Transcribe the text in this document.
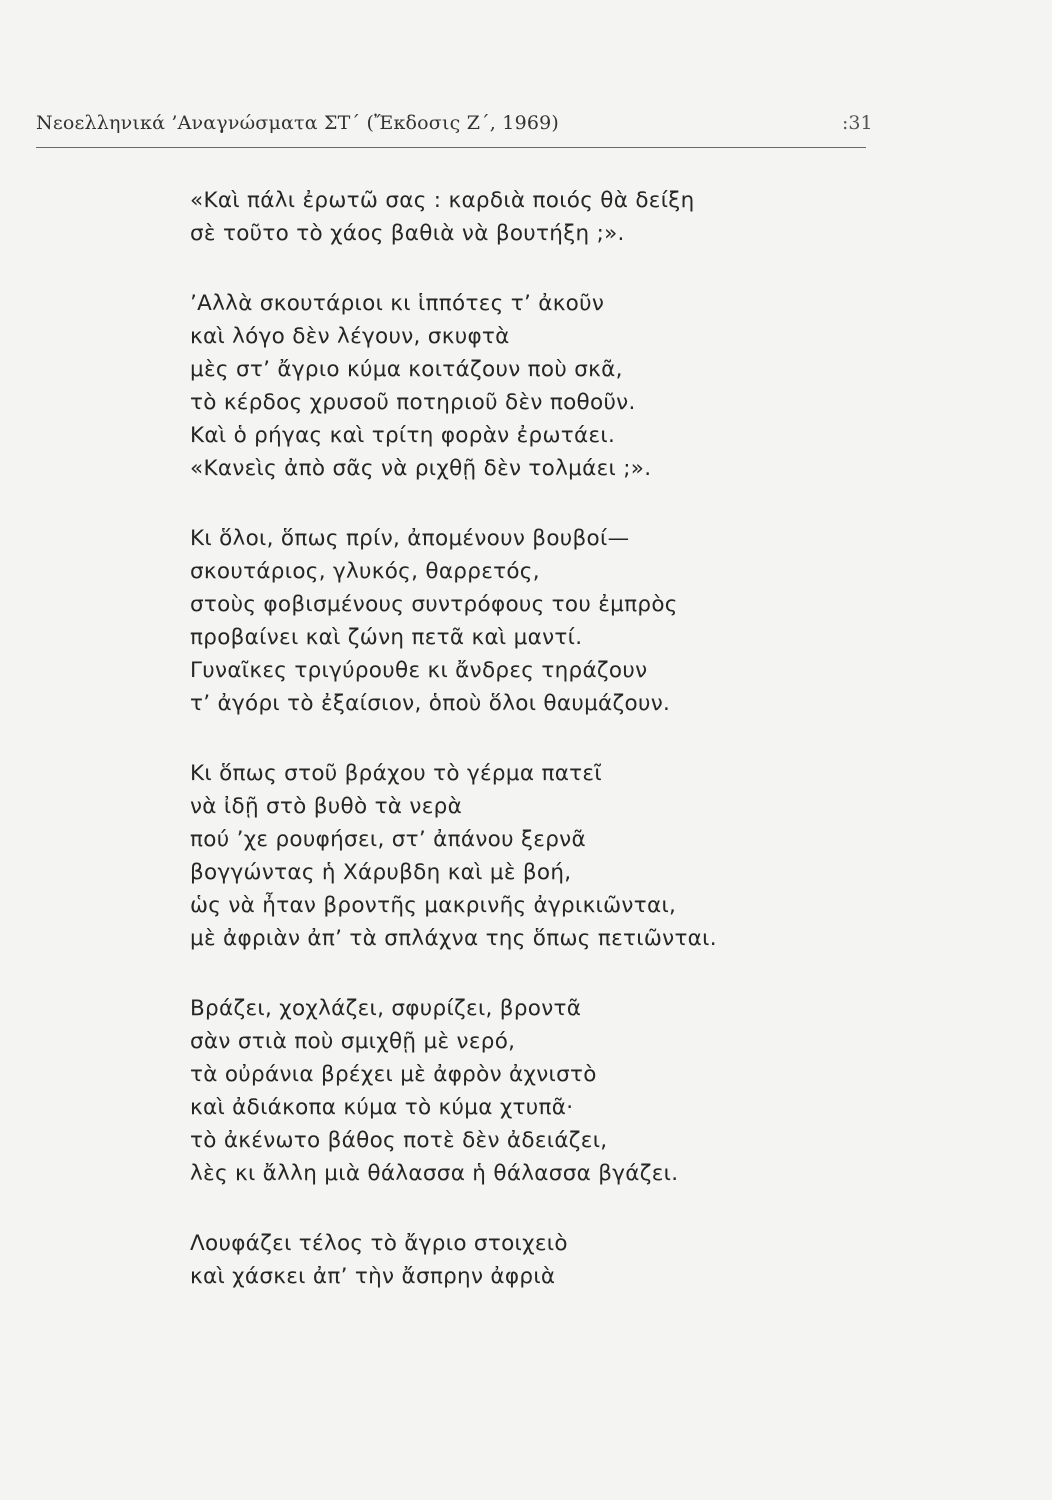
Νεοελληνικά ’Αναγνώσματα ΣΤ΄ (Ἔκδοσις Ζ΄, 1969)	:31
«Καὶ πάλι ἐρωτῶ σας : καρδιὰ ποιός θὰ δείξη
σὲ τοῦτο τὸ χάος βαθιὰ νὰ βουτήξη ;».
’Αλλὰ σκουτάριοι κι ἱππότες τ’ ἀκοῦν
καὶ λόγο δὲν λέγουν, σκυφτὰ
μὲς στ’ ἄγριο κύμα κοιτάζουν ποὺ σκᾶ,
τὸ κέρδος χρυσοῦ ποτηριοῦ δὲν ποθοῦν.
Καὶ ὁ ρήγας καὶ τρίτη φορὰν ἐρωτάει.
«Κανεὶς ἀπὸ σᾶς νὰ ριχθῇ δὲν τολμάει ;».
Κι ὅλοι, ὅπως πρίν, ἀπομένουν βουβοί—
σκουτάριος, γλυκός, θαρρετός,
στοὺς φοβισμένους συντρόφους του ἐμπρὸς
προβαίνει καὶ ζώνη πετᾶ καὶ μαντί.
Γυναῖκες τριγύρουθε κι ἄνδρες τηράζουν
τ’ ἀγόρι τὸ ἐξαίσιον, ὁποὺ ὅλοι θαυμάζουν.
Κι ὅπως στοῦ βράχου τὸ γέρμα πατεῖ
νὰ ἰδῇ στὸ βυθὸ τὰ νερὰ
πού ’χε ρουφήσει, στ’ ἀπάνου ξερνᾶ
βογγώντας ἡ Χάρυβδη καὶ μὲ βοή,
ὡς νὰ ἦταν βροντῆς μακρινῆς ἀγρικιῶνται,
μὲ ἀφριὰν ἀπ’ τὰ σπλάχνα της ὅπως πετιῶνται.
Βράζει, χοχλάζει, σφυρίζει, βροντᾶ
σὰν στιὰ ποὺ σμιχθῇ μὲ νερό,
τὰ οὐράνια βρέχει μὲ ἀφρὸν ἀχνιστὸ
καὶ ἀδιάκοπα κύμα τὸ κύμα χτυπᾶ·
τὸ ἀκένωτο βάθος ποτὲ δὲν ἀδειάζει,
λὲς κι ἄλλη μιὰ θάλασσα ἡ θάλασσα βγάζει.
Λουφάζει τέλος τὸ ἄγριο στοιχειὸ
καὶ χάσκει ἀπ’ τὴν ἄσπρην ἀφριὰ
